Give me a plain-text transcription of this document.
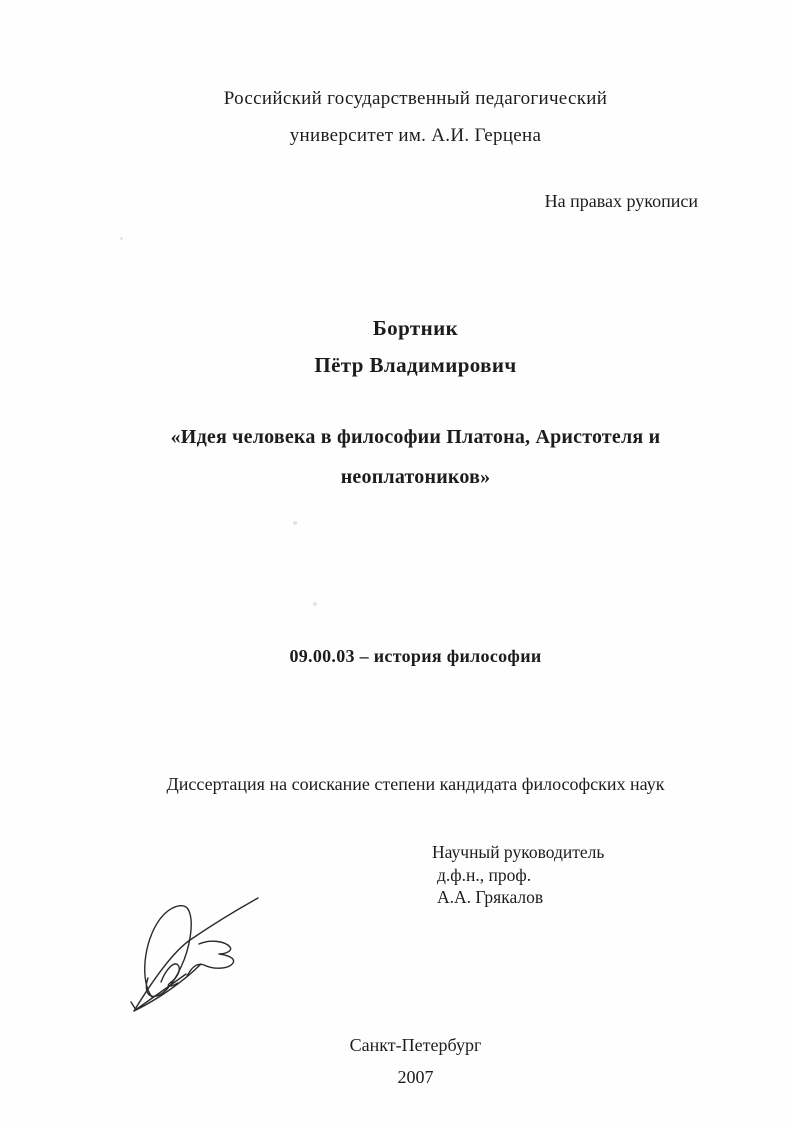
Российский государственный педагогический
университет им. А.И. Герцена
На правах рукописи
Бортник
Пётр Владимирович
«Идея человека в философии Платона, Аристотеля и
неоплатоников»
09.00.03 – история философии
Диссертация на соискание степени кандидата философских наук
Научный руководитель
д.ф.н., проф.
А.А. Грякалов
Санкт-Петербург
2007
